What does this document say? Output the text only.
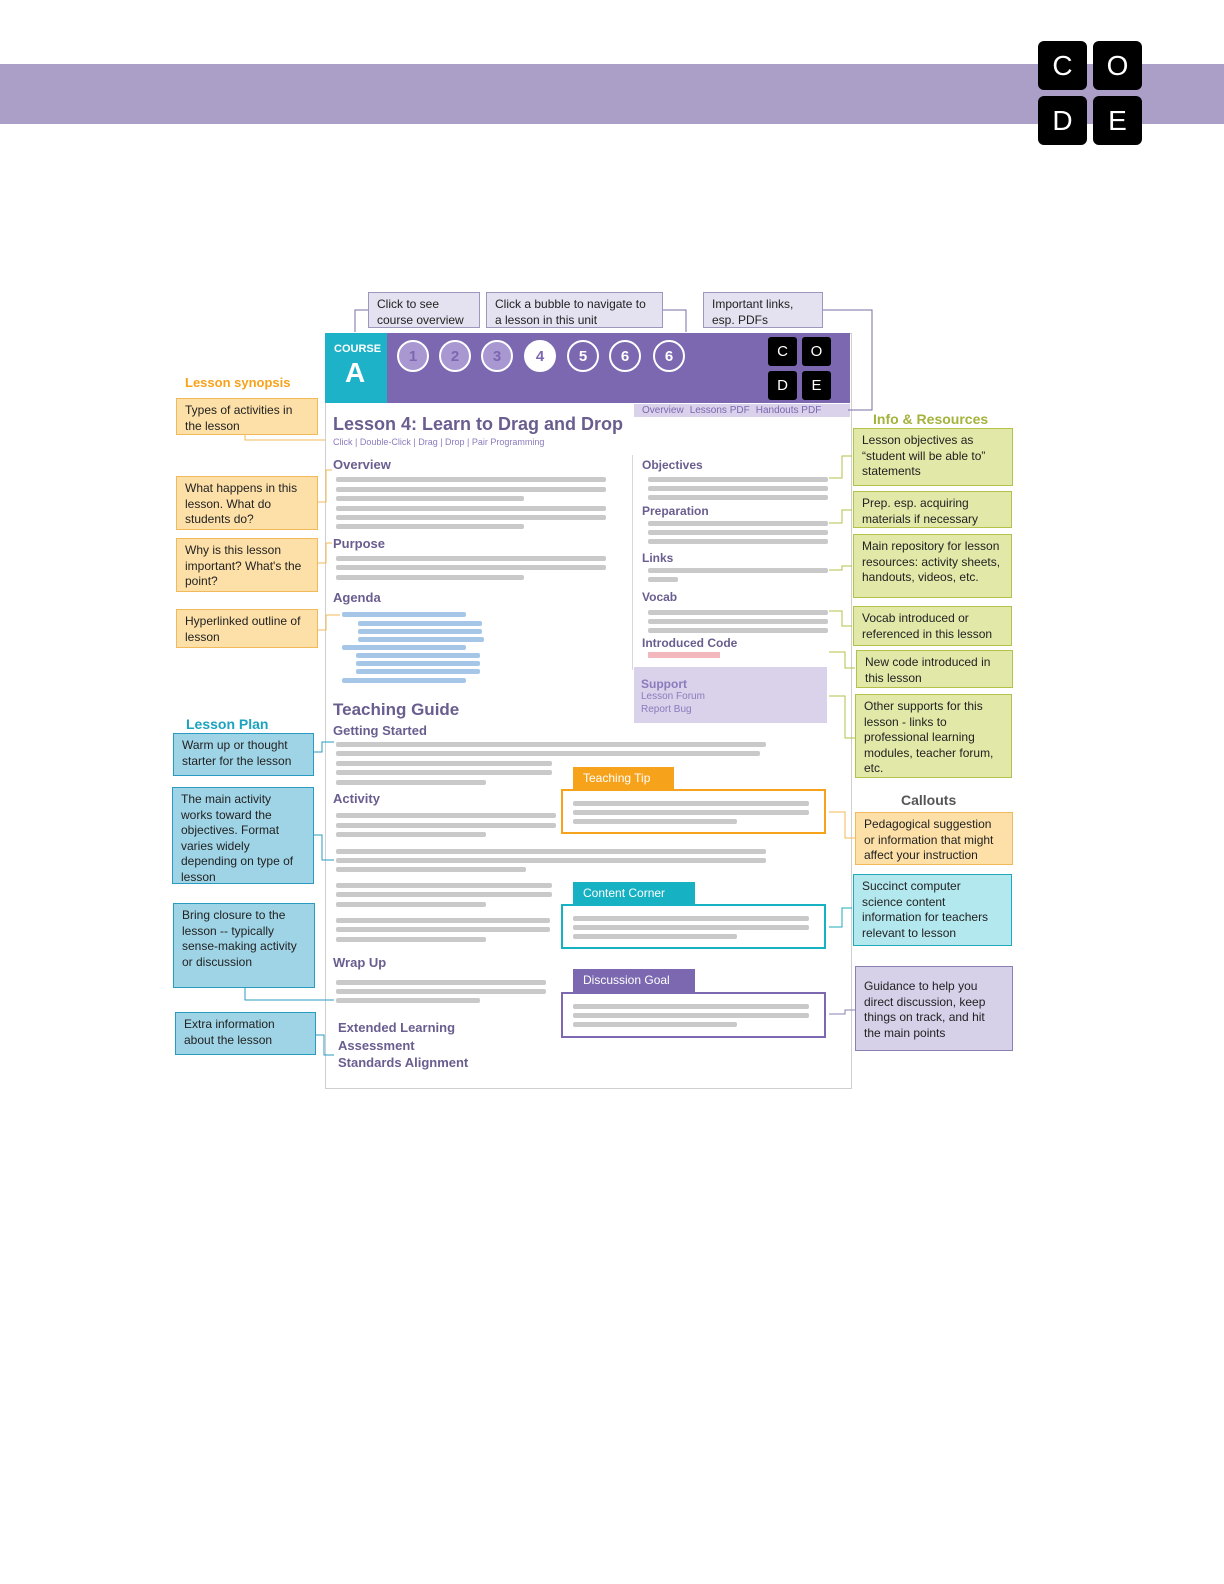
C	O
D	E
COURSE
A
1	2	3	4	5	6	6	C	O
D	E
Overview Lessons PDF Handouts PDF
Lesson 4: Learn to Drag and Drop
Click | Double-Click | Drag | Drop | Pair Programming
Overview
Purpose
Agenda
Teaching Guide
Getting Started
Activity
Wrap Up
Extended Learning
Assessment
Standards Alignment
Objectives
Preparation
Links
Vocab
Introduced Code
Support
Lesson Forum
Report Bug
Teaching Tip
Content Corner
Discussion Goal
Click to see course overview
Click a bubble to navigate to a lesson in this unit
Important links, esp. PDFs
Lesson synopsis
Lesson Plan
Info & Resources
Callouts
Types of activities in the lesson
What happens in this lesson. What do students do?
Why is this lesson important? What's the point?
Hyperlinked outline of lesson
Warm up or thought starter for the lesson
The main activity works toward the objectives. Format varies widely depending on type of lesson
Bring closure to the lesson -- typically sense-making activity or discussion
Extra information about the lesson
Lesson objectives as “student will be able to” statements
Prep. esp. acquiring materials if necessary
Main repository for lesson resources: activity sheets, handouts, videos, etc.
Vocab introduced or referenced in this lesson
New code introduced in this lesson
Other supports for this lesson - links to professional learning modules, teacher forum, etc.
Pedagogical suggestion or information that might affect your instruction
Succinct computer science content information for teachers relevant to lesson
Guidance to help you direct discussion, keep things on track, and hit the main points
